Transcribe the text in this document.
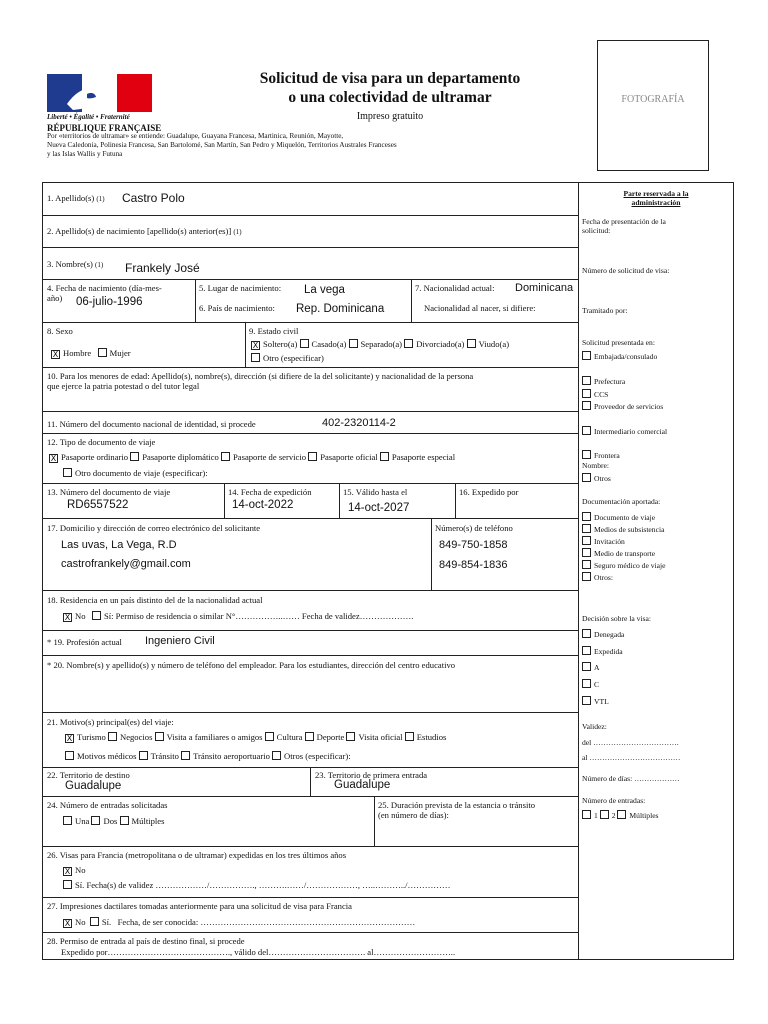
Liberté • Égalité • Fraternité
RÉPUBLIQUE FRANÇAISE
Solicitud de visa para un departamento
o una colectividad de ultramar
Impreso gratuito
FOTOGRAFÍA
Por «territorios de ultramar» se entiende: Guadalupe, Guayana Francesa, Martinica, Reunión, Mayotte,
Nueva Caledonia, Polinesia Francesa, San Bartolomé, San Martín, San Pedro y Miquelón, Territorios Australes Franceses
y las Islas Wallis y Futuna
1. Apellido(s) (1) Castro Polo
2. Apellido(s) de nacimiento [apellido(s) anterior(es)] (1)
3. Nombre(s) (1) Frankely José
4. Fecha de nacimiento (día-mes-
año)	06-julio-1996
5. Lugar de nacimiento: La vega
6. País de nacimiento: Rep. Dominicana
7. Nacionalidad actual: Dominicana
Nacionalidad al nacer, si difiere:
8. Sexo
X Hombre Mujer
9. Estado civil
X Soltero(a) Casado(a) Separado(a) Divorciado(a) Viudo(a)
Otro (especificar)
10. Para los menores de edad: Apellido(s), nombre(s), dirección (si difiere de la del solicitante) y nacionalidad de la persona
que ejerce la patria potestad o del tutor legal
11. Número del documento nacional de identidad, si procede	402-2320114-2
12. Tipo de documento de viaje
X Pasaporte ordinario Pasaporte diplomático Pasaporte de servicio Pasaporte oficial Pasaporte especial
Otro documento de viaje (especificar):
13. Número del documento de viaje
RD6557522
14. Fecha de expedición
14-oct-2022
15. Válido hasta el
14-oct-2027
16. Expedido por
17. Domicilio y dirección de correo electrónico del solicitante
Las uvas, La Vega, R.D
castrofrankely@gmail.com
Número(s) de teléfono
849-750-1858
849-854-1836
18. Residencia en un país distinto del de la nacionalidad actual
X No Sí: Permiso de residencia o similar N°……………..…… Fecha de validez……………….
* 19. Profesión actual Ingeniero Civil
* 20. Nombre(s) y apellido(s) y número de teléfono del empleador. Para los estudiantes, dirección del centro educativo
21. Motivo(s) principal(es) del viaje:
X Turismo Negocios Visita a familiares o amigos Cultura Deporte Visita oficial Estudios
Motivos médicos Tránsito Tránsito aeroportuario Otros (especificar):
22. Territorio de destino
Guadalupe
23. Territorio de primera entrada
Guadalupe
24. Número de entradas solicitadas
Una Dos Múltiples
25. Duración prevista de la estancia o tránsito
(en número de días):
26. Visas para Francia (metropolitana o de ultramar) expedidas en los tres últimos años
X No
Sí. Fecha(s) de validez ………………/……………., ……….……/………………, …..………../……………
27. Impresiones dactilares tomadas anteriormente para una solicitud de visa para Francia
X No Sí. Fecha, de ser conocida: …………………………………………………………………
28. Permiso de entrada al país de destino final, si procede
Expedido por……………………………………., válido del……………………………. al………………………..
Parte reservada a la
administración
Fecha de presentación de la
solicitud:
Número de solicitud de visa:
Tramitado por:
Solicitud presentada en:
Embajada/consulado
Prefectura
CCS
Proveedor de servicios
Intermediario comercial
Frontera
Nombre:
Otros
Documentación aportada:
Documento de viaje
Medios de subsistencia
Invitación
Medio de transporte
Seguro médico de viaje
Otros:
Decisión sobre la visa:
Denegada
Expedida
A
C
VTL
Validez:
del …………………………….
al ………………………………
Número de días: ………………
Número de entradas:
1 2 Múltiples
